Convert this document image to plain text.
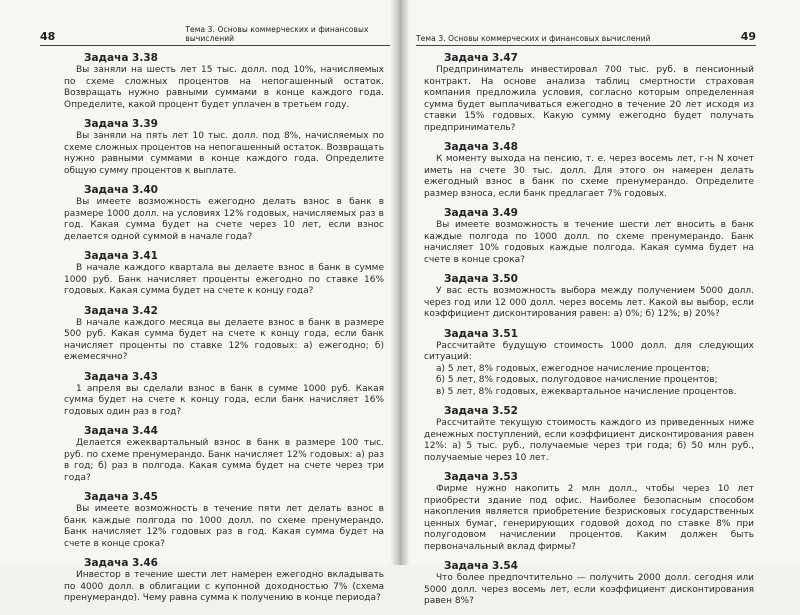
48
Тема 3. Основы коммерческих и финансовых вычислений
Задача 3.38

Вы заняли на шесть лет 15 тыс. долл. под 10%, начисляемых по схеме сложных процентов на непогашенный остаток. Возвращать нужно равными суммами в конце каждого года. Определите, какой процент будет уплачен в третьем году.

Задача 3.39

Вы заняли на пять лет 10 тыс. долл. под 8%, начисляемых по схеме сложных процентов на непогашенный остаток. Возвращать нужно равными суммами в конце каждого года. Определите общую сумму процентов к выплате.

Задача 3.40

Вы имеете возможность ежегодно делать взнос в банк в размере 1000 долл. на условиях 12% годовых, начисляемых раз в год. Какая сумма будет на счете через 10 лет, если взнос делается одной суммой в начале года?

Задача 3.41

В начале каждого квартала вы делаете взнос в банк в сумме 1000 руб. Банк начисляет проценты ежегодно по ставке 16% годовых. Какая сумма будет на счете к концу года?

Задача 3.42

В начале каждого месяца вы делаете взнос в банк в размере 500 руб. Какая сумма будет на счете к концу года, если банк начисляет проценты по ставке 12% годовых: а) ежегодно; б) ежемесячно?

Задача 3.43

1 апреля вы сделали взнос в банк в сумме 1000 руб. Какая сумма будет на счете к концу года, если банк начисляет 16% годовых один раз в год?

Задача 3.44

Делается ежеквартальный взнос в банк в размере 100 тыс. руб. по схеме пренумерандо. Банк начисляет 12% годовых: а) раз в год; б) раз в полгода. Какая сумма будет на счете через три года?

Задача 3.45

Вы имеете возможность в течение пяти лет делать взнос в банк каждые полгода по 1000 долл. по схеме пренумерандо. Банк начисляет 12% годовых раз в год. Какая сумма будет на счете в конце срока?

Задача 3.46

Инвестор в течение шести лет намерен ежегодно вкладывать по 4000 долл. в облигации с купонной доходностью 7% (схема пренумерандо). Чему равна сумма к получению в конце периода?

Тема 3. Основы коммерческих и финансовых вычислений	49
Задача 3.47

Предприниматель инвестировал 700 тыс. руб. в пенсионный контракт. На основе анализа таблиц смертности страховая компания предложила условия, согласно которым определенная сумма будет выплачиваться ежегодно в течение 20 лет исходя из ставки 15% годовых. Какую сумму ежегодно будет получать предприниматель?

Задача 3.48

К моменту выхода на пенсию, т. е. через восемь лет, г-н N хочет иметь на счете 30 тыс. долл. Для этого он намерен делать ежегодный взнос в банк по схеме пренумерандо. Определите размер взноса, если банк предлагает 7% годовых.

Задача 3.49

Вы имеете возможность в течение шести лет вносить в банк каждые полгода по 1000 долл. по схеме пренумерандо. Банк начисляет 10% годовых каждые полгода. Какая сумма будет на счете в конце срока?

Задача 3.50

У вас есть возможность выбора между получением 5000 долл. через год или 12 000 долл. через восемь лет. Какой вы выбор, если коэффициент дисконтирования равен: а) 0%; б) 12%; в) 20%?

Задача 3.51

Рассчитайте будущую стоимость 1000 долл. для следующих ситуаций:

а) 5 лет, 8% годовых, ежегодное начисление процентов;
б) 5 лет, 8% годовых, полугодовое начисление процентов;
в) 5 лет, 8% годовых, ежеквартальное начисление процентов.
Задача 3.52

Рассчитайте текущую стоимость каждого из приведенных ниже денежных поступлений, если коэффициент дисконтирования равен 12%: а) 5 тыс. руб., получаемые через три года; б) 50 млн руб., получаемые через 10 лет.

Задача 3.53

Фирме нужно накопить 2 млн долл., чтобы через 10 лет приобрести здание под офис. Наиболее безопасным способом накопления является приобретение безрисковых государственных ценных бумаг, генерирующих годовой доход по ставке 8% при полугодовом начислении процентов. Каким должен быть первоначальный вклад фирмы?

Задача 3.54

Что более предпочтительно — получить 2000 долл. сегодня или 5000 долл. через восемь лет, если коэффициент дисконтирования равен 8%?
